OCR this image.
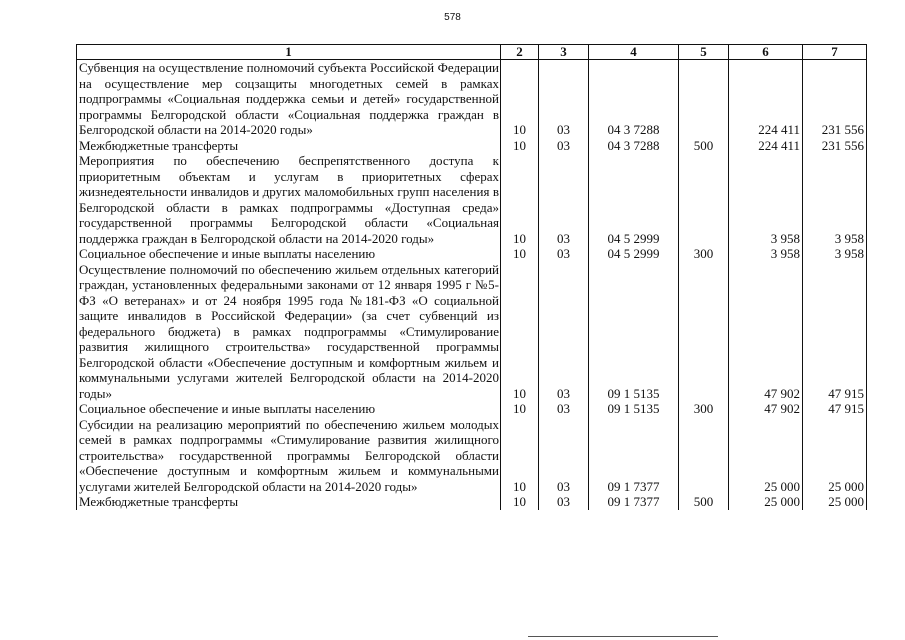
578
1	2	3	4	5	6	7
Субвенция на осуществление полномочий субъекта Российской Федерации на осуществление мер соцзащиты многодетных семей в рамках подпрограммы «Социальная поддержка семьи и детей» государственной программы Белгородской области «Социальная поддержка граждан в Белгородской области на 2014-2020 годы»	10	03	04 3 7288		224 411	231 556
Межбюджетные трансферты	10	03	04 3 7288	500	224 411	231 556
Мероприятия по обеспечению беспрепятственного доступа к приоритетным объектам и услугам в приоритетных сферах жизнедеятельности инвалидов и других маломобильных групп населения в Белгородской области в рамках подпрограммы «Доступная среда» государственной программы Белгородской области «Социальная поддержка граждан в Белгородской области на 2014-2020 годы»	10	03	04 5 2999		3 958	3 958
Социальное обеспечение и иные выплаты населению	10	03	04 5 2999	300	3 958	3 958
Осуществление полномочий по обеспечению жильем отдельных категорий граждан, установленных федеральными законами от 12 января 1995 г №5-ФЗ «О ветеранах» и от 24 ноября 1995 года №181-ФЗ «О социальной защите инвалидов в Российской Федерации» (за счет субвенций из федерального бюджета) в рамках подпрограммы «Стимулирование развития жилищного строительства» государственной программы Белгородской области «Обеспечение доступным и комфортным жильем и коммунальными услугами жителей Белгородской области на 2014-2020 годы»	10	03	09 1 5135		47 902	47 915
Социальное обеспечение и иные выплаты населению	10	03	09 1 5135	300	47 902	47 915
Субсидии на реализацию мероприятий по обеспечению жильем молодых семей в рамках подпрограммы «Стимулирование развития жилищного строительства» государственной программы Белгородской области «Обеспечение доступным и комфортным жильем и коммунальными услугами жителей Белгородской области на 2014-2020 годы»	10	03	09 1 7377		25 000	25 000
Межбюджетные трансферты	10	03	09 1 7377	500	25 000	25 000
